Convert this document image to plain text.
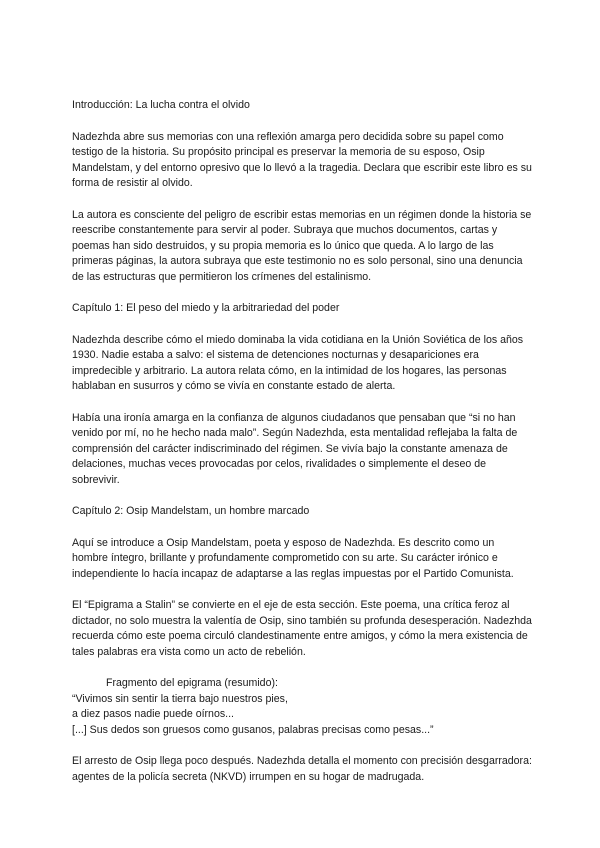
Introducción: La lucha contra el olvido

Nadezhda abre sus memorias con una reflexión amarga pero decidida sobre su papel como testigo de la historia. Su propósito principal es preservar la memoria de su esposo, Osip Mandelstam, y del entorno opresivo que lo llevó a la tragedia. Declara que escribir este libro es su forma de resistir al olvido.

La autora es consciente del peligro de escribir estas memorias en un régimen donde la historia se reescribe constantemente para servir al poder. Subraya que muchos documentos, cartas y poemas han sido destruidos, y su propia memoria es lo único que queda. A lo largo de las primeras páginas, la autora subraya que este testimonio no es solo personal, sino una denuncia de las estructuras que permitieron los crímenes del estalinismo.

Capítulo 1: El peso del miedo y la arbitrariedad del poder

Nadezhda describe cómo el miedo dominaba la vida cotidiana en la Unión Soviética de los años 1930. Nadie estaba a salvo: el sistema de detenciones nocturnas y desapariciones era impredecible y arbitrario. La autora relata cómo, en la intimidad de los hogares, las personas hablaban en susurros y cómo se vivía en constante estado de alerta.

Había una ironía amarga en la confianza de algunos ciudadanos que pensaban que “si no han venido por mí, no he hecho nada malo”. Según Nadezhda, esta mentalidad reflejaba la falta de comprensión del carácter indiscriminado del régimen. Se vivía bajo la constante amenaza de delaciones, muchas veces provocadas por celos, rivalidades o simplemente el deseo de sobrevivir.

Capítulo 2: Osip Mandelstam, un hombre marcado

Aquí se introduce a Osip Mandelstam, poeta y esposo de Nadezhda. Es descrito como un hombre íntegro, brillante y profundamente comprometido con su arte. Su carácter irónico e independiente lo hacía incapaz de adaptarse a las reglas impuestas por el Partido Comunista.

El “Epigrama a Stalin” se convierte en el eje de esta sección. Este poema, una crítica feroz al dictador, no solo muestra la valentía de Osip, sino también su profunda desesperación. Nadezhda recuerda cómo este poema circuló clandestinamente entre amigos, y cómo la mera existencia de tales palabras era vista como un acto de rebelión.

Fragmento del epigrama (resumido):
“Vivimos sin sentir la tierra bajo nuestros pies,
a diez pasos nadie puede oírnos...
[...] Sus dedos son gruesos como gusanos, palabras precisas como pesas...”

El arresto de Osip llega poco después. Nadezhda detalla el momento con precisión desgarradora: agentes de la policía secreta (NKVD) irrumpen en su hogar de madrugada.
